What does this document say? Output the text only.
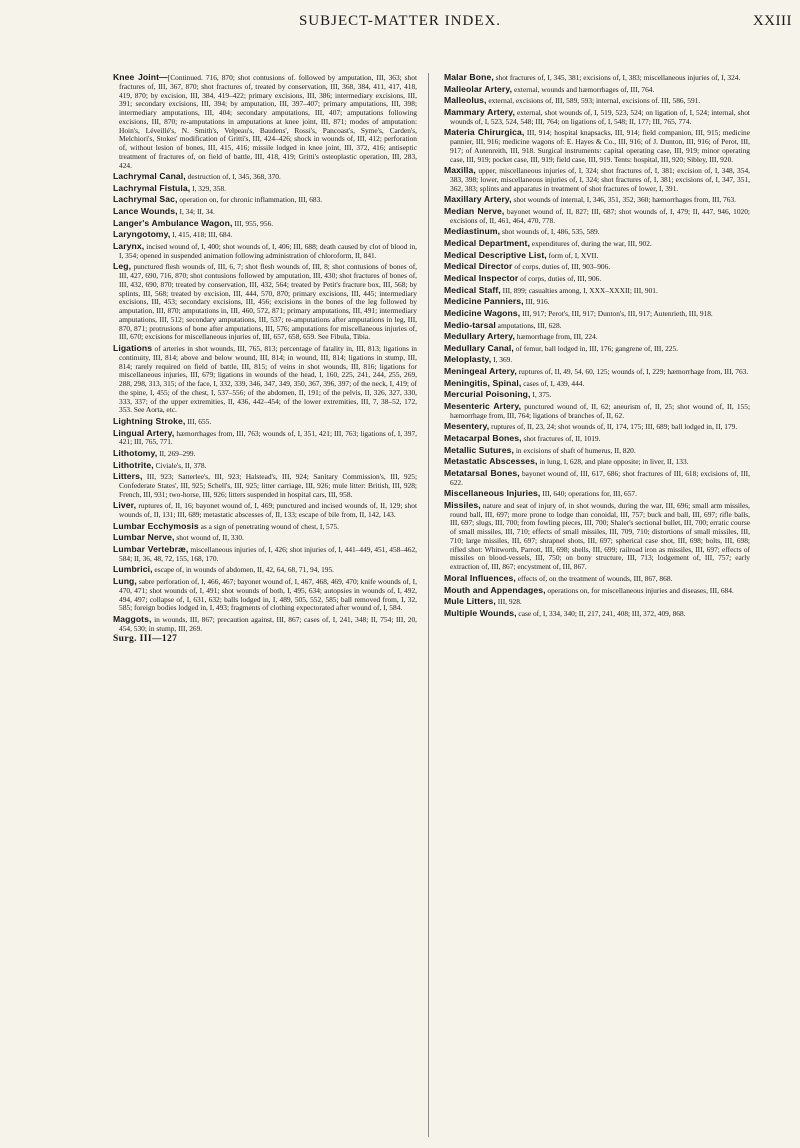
SUBJECT-MATTER INDEX.	XXIII
Knee Joint—[Continued. 716, 870; shot contusions of. followed by amputation, III, 363; shot fractures of, III, 367, 870; shot fractures of, treated by conservation, III, 368, 384, 411, 417, 418, 419, 870; by excision, III, 384, 419–422; primary excisions, III, 386; intermediary excisions, III, 391; secondary excisions, III, 394; by amputation, III, 397–407; primary amputations, III, 398; intermediary amputations, III, 404; secondary amputations, III, 407; amputations following excisions, III, 870; re-amputations in amputations at knee joint, III, 871; modes of amputation: Hoin's, Léveillé's, N. Smith's, Velpeau's, Baudens', Rossi's, Pancoast's, Syme's, Carden's, Melchiori's, Stokes' modification of Gritti's, III, 424–426; shock in wounds of, III, 412; perforation of, without lesion of bones, III, 415, 416; missile lodged in knee joint, III, 372, 416; antiseptic treatment of fractures of, on field of battle, III, 418, 419; Gritti's osteoplastic operation, III, 283, 424.
Lachrymal Canal, destruction of, I, 345, 368, 370.
Lachrymal Fistula, I, 329, 358.
Lachrymal Sac, operation on, for chronic inflammation, III, 683.
Lance Wounds, I, 34; II, 34.
Langer's Ambulance Wagon, III, 955, 956.
Laryngotomy, I, 415, 418; III, 684.
Larynx, incised wound of, I, 400; shot wounds of, I, 406; III, 688; death caused by clot of blood in, I, 354; opened in suspended animation following administration of chloroform, II, 841.
Leg, punctured flesh wounds of, III, 6, 7; shot flesh wounds of, III, 8; shot contusions of bones of, III, 427, 690, 716, 870; shot contusions followed by amputation, III, 430; shot fractures of bones of, III, 432, 690, 870; treated by conservation, III, 432, 564; treated by Petit's fracture box, III, 568; by splints, III, 568; treated by excision, III, 444, 570, 870; primary excisions, III, 445; intermediary excisions, III, 453; secondary excisions, III, 456; excisions in the bones of the leg followed by amputation, III, 870; amputations in, III, 460, 572, 871; primary amputations, III, 491; intermediary amputations, III, 512; secondary amputations, III, 537; re-amputations after amputations in leg, III, 870, 871; protrusions of bone after amputations, III, 576; amputations for miscellaneous injuries of, III, 670; excisions for miscellaneous injuries of, III, 657, 658, 659. See Fibula, Tibia.
Ligations of arteries in shot wounds, III, 765, 813; percentage of fatality in, III, 813; ligations in continuity, III, 814; above and below wound, III, 814; in wound, III, 814; ligations in stump, III, 814; rarely required on field of battle, III, 815; of veins in shot wounds, III, 816; ligations for miscellaneous injuries, III, 679; ligations in wounds of the head, I, 160, 225, 241, 244, 255, 269, 288, 298, 313, 315; of the face, I, 332, 339, 346, 347, 349, 350, 367, 396, 397; of the neck, I, 419; of the spine, I, 455; of the chest, I, 537–556; of the abdomen, II, 191; of the pelvis, II, 326, 327, 330, 333, 337; of the upper extremities, II, 436, 442–454; of the lower extremities, III, 7, 38–52, 172, 353. See Aorta, etc.
Lightning Stroke, III, 655.
Lingual Artery, hæmorrhages from, III, 763; wounds of, I, 351, 421; III, 763; ligations of, I, 397, 421; III, 765, 771.
Lithotomy, II, 269–299.
Lithotrite, Civiale's, II, 378.
Litters, III, 923; Satterlee's, III, 923; Halstead's, III, 924; Sanitary Commission's, III, 925; Confederate States', III, 925; Schell's, III, 925; litter carriage, III, 926; mule litter: British, III, 928; French, III, 931; two-horse, III, 926; litters suspended in hospital cars, III, 958.
Liver, ruptures of, II, 16; bayonet wound of, I, 469; punctured and incised wounds of, II, 129; shot wounds of, II, 131; III, 689; metastatic abscesses of, II, 133; escape of bile from, II, 142, 143.
Lumbar Ecchymosis as a sign of penetrating wound of chest, I, 575.
Lumbar Nerve, shot wound of, II, 330.
Lumbar Vertebræ, miscellaneous injuries of, I, 426; shot injuries of, I, 441–449, 451, 458–462, 584; II, 36, 48, 72, 155, 168, 170.
Lumbrici, escape of, in wounds of abdomen, II, 42, 64, 68, 71, 94, 195.
Lung, sabre perforation of, I, 466, 467; bayonet wound of, I, 467, 468, 469, 470; knife wounds of, I, 470, 471; shot wounds of, I, 491; shot wounds of both, I, 495, 634; autopsies in wounds of, I, 492, 494, 497; collapse of, I, 631, 632; balls lodged in, I, 489, 505, 552, 585; ball removed from, I, 32, 585; foreign bodies lodged in, I, 493; fragments of clothing expectorated after wound of, I, 584.
Maggots, in wounds, III, 867; precaution against, III, 867; cases of, I, 241, 348; II, 754; III, 20, 454, 530; in stump, III, 269.
Surg. III—127
Malar Bone, shot fractures of, I, 345, 381; excisions of, I, 383; miscellaneous injuries of, I, 324.
Malleolar Artery, external, wounds and hæmorrhages of, III, 764.
Malleolus, external, excisions of, III, 589, 593; internal, excisions of. III, 586, 591.
Mammary Artery, external, shot wounds of, I, 519, 523, 524; on ligation of, I, 524; internal, shot wounds of, I, 523, 524, 548; III, 764; on ligations of, I, 548; II, 177; III, 765, 774.
Materia Chirurgica, III, 914; hospital knapsacks, III, 914; field companion, III, 915; medicine pannier, III, 916; medicine wagons of: E. Hayes & Co., III, 916; of J. Dunton, III, 916; of Perot, III, 917; of Autenreith, III, 918. Surgical instruments: capital operating case, III, 919; minor operating case, III, 919; pocket case, III, 919; field case, III, 919. Tents: hospital, III, 920; Sibley, III, 920.
Maxilla, upper, miscellaneous injuries of, I, 324; shot fractures of, I, 381; excision of, I, 348, 354, 383, 398; lower, miscellaneous injuries of, I, 324; shot fractures of, I, 381; excisions of, I, 347, 351, 362, 383; splints and apparatus in treatment of shot fractures of lower, I, 391.
Maxillary Artery, shot wounds of internal, I, 346, 351, 352, 360; hæmorrhages from, III, 763.
Median Nerve, bayonet wound of, II, 827; III, 687; shot wounds of, I, 479; II, 447, 946, 1020; excisions of, II, 461, 464, 470, 778.
Mediastinum, shot wounds of, I, 486, 535, 589.
Medical Department, expenditures of, during the war, III, 902.
Medical Descriptive List, form of, I, XVII.
Medical Director of corps, duties of, III, 903–906.
Medical Inspector of corps, duties of, III, 906.
Medical Staff, III, 899; casualties among, I, XXX–XXXII; III, 901.
Medicine Panniers, III, 916.
Medicine Wagons, III, 917; Perot's, III, 917; Dunton's, III, 917; Autenrieth, III, 918.
Medio-tarsal amputations, III, 628.
Medullary Artery, hæmorrhage from, III, 224.
Medullary Canal, of femur, ball lodged in, III, 176; gangrene of, III, 225.
Meloplasty, I, 369.
Meningeal Artery, ruptures of, II, 49, 54, 60, 125; wounds of, I, 229; hæmorrhage from, III, 763.
Meningitis, Spinal, cases of, I, 439, 444.
Mercurial Poisoning, I, 375.
Mesenteric Artery, punctured wound of, II, 62; aneurism of, II, 25; shot wound of, II, 155; hæmorrhage from, III, 764; ligations of branches of, II, 62.
Mesentery, ruptures of, II, 23, 24; shot wounds of, II, 174, 175; III, 689; ball lodged in, II, 179.
Metacarpal Bones, shot fractures of, II, 1019.
Metallic Sutures, in excisions of shaft of humerus, II, 820.
Metastatic Abscesses, in lung, I, 628, and plate opposite; in liver, II, 133.
Metatarsal Bones, bayonet wound of, III, 617, 686; shot fractures of III, 618; excisions of, III, 622.
Miscellaneous Injuries, III, 640; operations for, III, 657.
Missiles, nature and seat of injury of, in shot wounds, during the war, III, 696; small arm missiles, round ball, III, 697; more prone to lodge than conoidal, III, 757; buck and ball, III, 697; rifle balls, III, 697; slugs, III, 700; from fowling pieces, III, 700; Shaler's sectional bullet, III, 700; erratic course of small missiles, III, 710; effects of small missiles, III, 709, 710; distortions of small missiles, III, 710; large missiles, III, 697; shrapnel shots, III, 697; spherical case shot, III, 698; bolts, III, 698; rifled shot: Whitworth, Parrott, III, 698; shells, III, 699; railroad iron as missiles, III, 697; effects of missiles on blood-vessels, III, 750; on bony structure, III, 713; lodgement of, III, 757; early extraction of, III, 867; encystment of, III, 867.
Moral Influences, effects of, on the treatment of wounds, III, 867, 868.
Mouth and Appendages, operations on, for miscellaneous injuries and diseases, III, 684.
Mule Litters, III, 928.
Multiple Wounds, case of, I, 334, 340; II, 217, 241, 408; III, 372, 409, 868.
